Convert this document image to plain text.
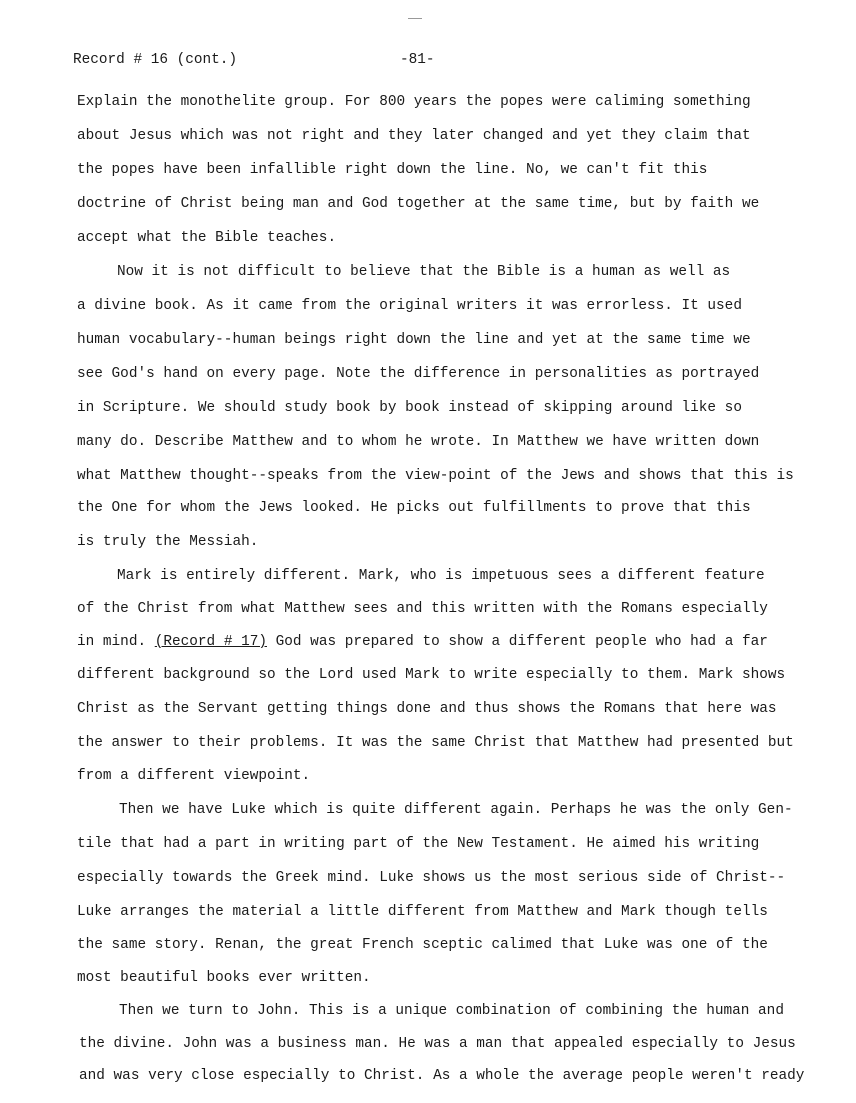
Record # 16 (cont.)	-81-
Explain the monothelite group. For 800 years the popes were caliming something
about Jesus which was not right and they later changed and yet they claim that
the popes have been infallible right down the line. No, we can't fit this
doctrine of Christ being man and God together at the same time, but by faith we
accept what the Bible teaches.
Now it is not difficult to believe that the Bible is a human as well as
a divine book. As it came from the original writers it was errorless. It used
human vocabulary--human beings right down the line and yet at the same time we
see God's hand on every page. Note the difference in personalities as portrayed
in Scripture. We should study book by book instead of skipping around like so
many do. Describe Matthew and to whom he wrote. In Matthew we have written down
what Matthew thought--speaks from the view-point of the Jews and shows that this is
the One for whom the Jews looked. He picks out fulfillments to prove that this
is truly the Messiah.
Mark is entirely different. Mark, who is impetuous sees a different feature
of the Christ from what Matthew sees and this written with the Romans especially
in mind. (Record # 17) God was prepared to show a different people who had a far
different background so the Lord used Mark to write especially to them. Mark shows
Christ as the Servant getting things done and thus shows the Romans that here was
the answer to their problems. It was the same Christ that Matthew had presented but
from a different viewpoint.
Then we have Luke which is quite different again. Perhaps he was the only Gen-
tile that had a part in writing part of the New Testament. He aimed his writing
especially towards the Greek mind. Luke shows us the most serious side of Christ--
Luke arranges the material a little different from Matthew and Mark though tells
the same story. Renan, the great French sceptic calimed that Luke was one of the
most beautiful books ever written.
Then we turn to John. This is a unique combination of combining the human and
the divine. John was a business man. He was a man that appealed especially to Jesus
and was very close especially to Christ. As a whole the average people weren't ready
